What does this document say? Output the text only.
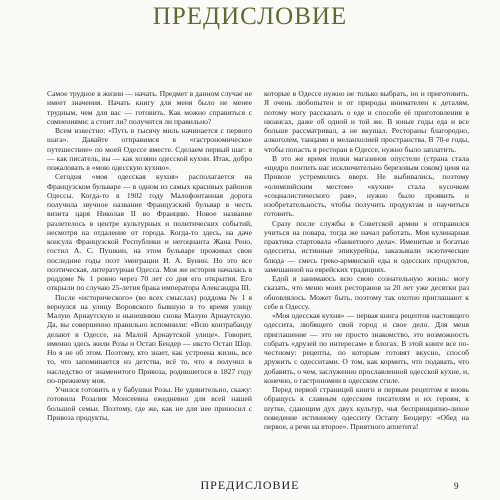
ПРЕДИСЛОВИЕ

Самое трудное в жизни — начать. Предмет в данном случае не имеет значения. Начать книгу для меня было не менее трудным, чем для вас — готовить. Как можно справиться с сомнениями: а стоит ли? получится ли правильно?

Всем известно: «Путь в тысячу миль начинается с первого шага». Давайте отправимся в «гастрономическое путешествие» по моей Одессе вместе. Сделаем первый шаг: я — как писатель, вы — как хозяин одесской кухни. Итак, добро пожаловать в «мою одесскую кухню».

Сегодня «моя одесская кухня» располагается на Французском бульваре — в одном из самых красивых районов Одессы. Когда-то в 1902 году Малофонтанная дорога получила звучное название Французский бульвар в честь визита царя Николая II во Францию. Новое название разлетелось в центре культурных и политических событий, несмотря на отдаление от города. Когда-то здесь, на даче консула Французской Республики и негоцианта Жана Рено, гостил А. С. Пушкин, на этом бульваре проживал свои последние годы поэт эмиграции И. А. Бунин. Но это все поэтическая, литературная Одесса. Моя же история началась в роддоме № 1 ровно через 70 лет со дня его открытия. Его открыли по случаю 25-летия брака императора Александра III.

После «исторического» (во всех смыслах) роддома № 1 я вернулся на улицу Воровского бывшую в то время улицу Малую Арнаутскую и нынешнюю снова Малую Арнаутскую. Да, вы совершенно правильно вспомнили: «Всю контрабанду делают в Одессе, на Малой Арнаутской улице». Говорит, именно здесь жили Розы и Остап Бендер — иксто Остап Шор. Но я не об этом. Поэтому, кто знает, как устроена жизнь, все то, что запоминается из детства, всё то, что я получил в наследство от знаменитого Привоза, родившегося в 1827 году по-прежнему моя.

Учился готовить я у бабушки Розы. Не удивительно, скажу: готовила Розалия Моисеевна ежедневно для всей нашей большой семьи. Поэтому, где же, как не для нее приносил с Привоза продукты,

которые в Одессе нужно не только выбрать, но и приготовить. Я очень любопытен и от природы внимателен к деталям, потому могу рассказать о еде и способе её приготовления в нюансах, даже об одной и той же. В юные годы еда и все больше рассматривал, а не вкушал. Рестораны благородно, алкоголем, танцами и меланхолией пространства. В 70-е годы, чтобы попасть в ресторан в Одессе, нужно было заплатить.

В это же время полки магазинов опустели (страна стала «щедро понтить нас исключительно березовым соком) ценя на Привозе устремились вверх. Не выбивались, поэтому «олимпийским местом» «кухня» стала кусочком «социалистического рая», нужно было проявить и изобретательность, чтобы получить продуктам и научиться готовить.

Сразу после службы в Советской армии я отправился учиться на повара, тогда же начал работать. Моя кулинарная практика стартовала «банкетного дела». Именитые и богатые одесситы, истинные эпикурейцы, заказывали экзотические блюда — смесь греко-армянской еды и одесских продуктов, замешанной на еврейских традициях.

Едой я занимаюсь всю свою сознательную жизнь: могу сказать, что меню моих ресторанов за 20 лет уже десятки раз обновлялось. Может быть, поэтому так охотно приглашают к себе в Одессу.

«Моя одесская кухня» — первая книга рецептов настоящего одессита, любящего свой город и свое дело. Для меня приглашение — это не просто знакомство, это возможность собрать «друзей по интересам» в блогах. В этой книге все по-честному: рецепты, по которым готовят вкусно, способ дружить с одесситами. О том, как кормить, что подавать, что добавить, о чем, заслуженно прославленной одесской кухне, и, конечно, о гастрономии в одесском стиле.

Перед первой страницей книги и первым рецептом я вновь обращусь к славным одесским писателям и их героям, к шутке, сдающим дух двух культур, чья беспринципно-лихое поведение истинному одесситу Остапу Бендеру: «Обед на первое, а речи на второе». Приятного аппетита!

ПРЕДИСЛОВИЕ	9
